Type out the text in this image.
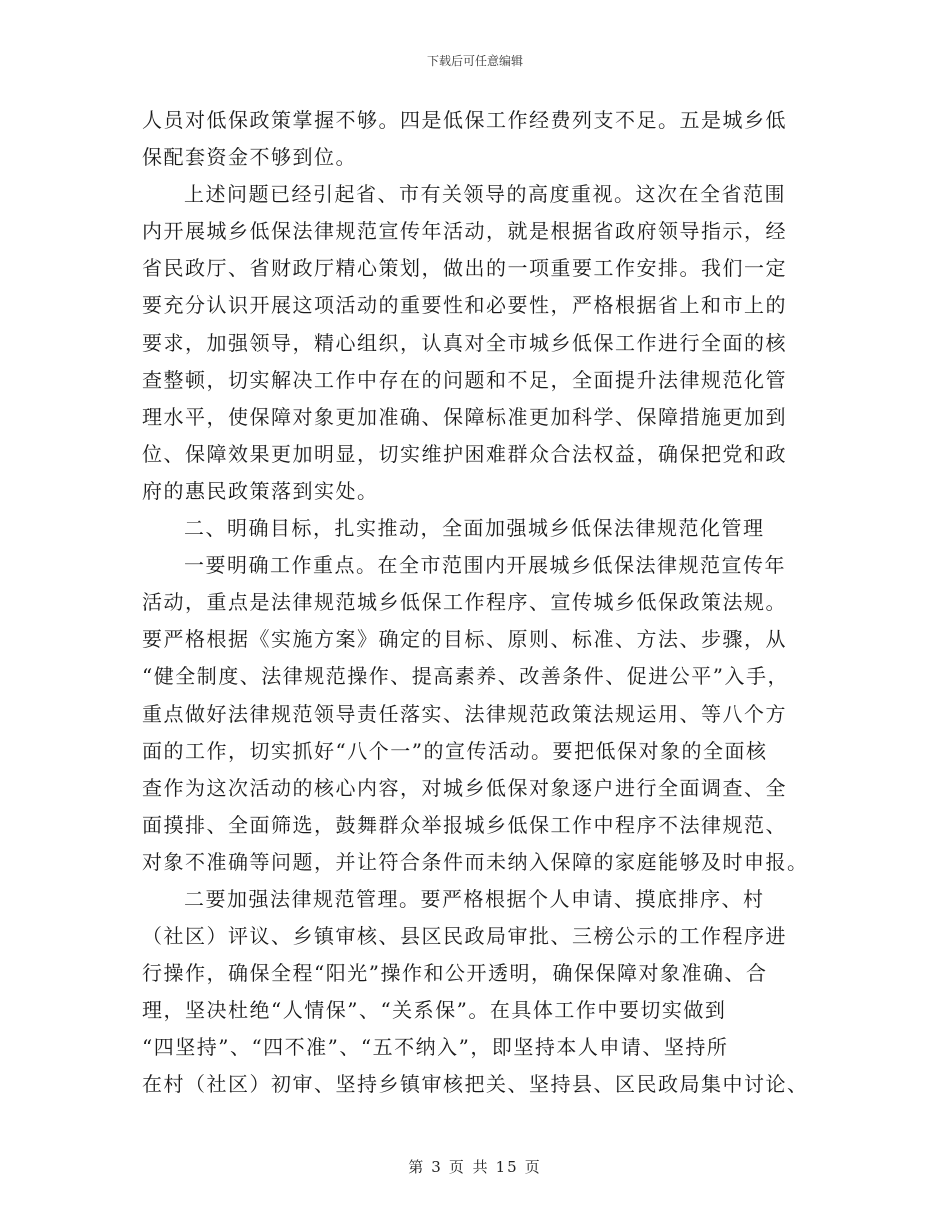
下载后可任意编辑
人员对低保政策掌握不够。四是低保工作经费列支不足。五是城乡低
保配套资金不够到位。
上述问题已经引起省、市有关领导的高度重视。这次在全省范围
内开展城乡低保法律规范宣传年活动，就是根据省政府领导指示，经
省民政厅、省财政厅精心策划，做出的一项重要工作安排。我们一定
要充分认识开展这项活动的重要性和必要性，严格根据省上和市上的
要求，加强领导，精心组织，认真对全市城乡低保工作进行全面的核
查整顿，切实解决工作中存在的问题和不足，全面提升法律规范化管
理水平，使保障对象更加准确、保障标准更加科学、保障措施更加到
位、保障效果更加明显，切实维护困难群众合法权益，确保把党和政
府的惠民政策落到实处。
二、明确目标，扎实推动，全面加强城乡低保法律规范化管理
一要明确工作重点。在全市范围内开展城乡低保法律规范宣传年
活动，重点是法律规范城乡低保工作程序、宣传城乡低保政策法规。
要严格根据《实施方案》确定的目标、原则、标准、方法、步骤，从
“健全制度、法律规范操作、提高素养、改善条件、促进公平”入手，
重点做好法律规范领导责任落实、法律规范政策法规运用、等八个方
面的工作，切实抓好“八个一”的宣传活动。要把低保对象的全面核
查作为这次活动的核心内容，对城乡低保对象逐户进行全面调查、全
面摸排、全面筛选，鼓舞群众举报城乡低保工作中程序不法律规范、
对象不准确等问题，并让符合条件而未纳入保障的家庭能够及时申报。
二要加强法律规范管理。要严格根据个人申请、摸底排序、村
（社区）评议、乡镇审核、县区民政局审批、三榜公示的工作程序进
行操作，确保全程“阳光”操作和公开透明，确保保障对象准确、合
理，坚决杜绝“人情保”、“关系保”。在具体工作中要切实做到
“四坚持”、“四不准”、“五不纳入”，即坚持本人申请、坚持所
在村（社区）初审、坚持乡镇审核把关、坚持县、区民政局集中讨论、
第 3 页 共 15 页
